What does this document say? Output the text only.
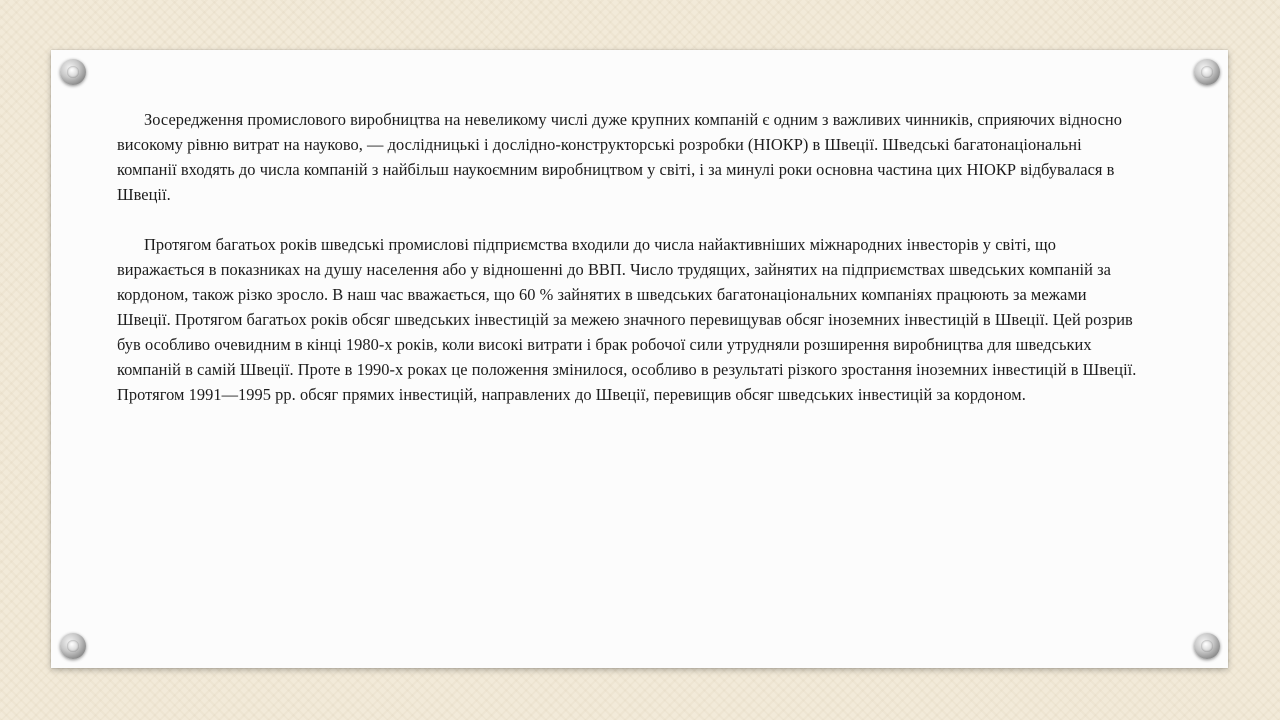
Зосередження промислового виробництва на невеликому числі дуже крупних компаній є одним з важливих чинників, сприяючих відносно високому рівню витрат на науково, — дослідницькі і дослідно-конструкторські розробки (НІОКР) в Швеції. Шведські багатонаціональні компанії входять до числа компаній з найбільш наукоємним виробництвом у світі, і за минулі роки основна частина цих НІОКР відбувалася в Швеції.

Протягом багатьох років шведські промислові підприємства входили до числа найактивніших міжнародних інвесторів у світі, що виражається в показниках на душу населення або у відношенні до ВВП. Число трудящих, зайнятих на підприємствах шведських компаній за кордоном, також різко зросло. В наш час вважається, що 60 % зайнятих в шведських багатонаціональних компаніях працюють за межами Швеції. Протягом багатьох років обсяг шведських інвестицій за межею значного перевищував обсяг іноземних інвестицій в Швеції. Цей розрив був особливо очевидним в кінці 1980-х років, коли високі витрати і брак робочої сили утрудняли розширення виробництва для шведських компаній в самій Швеції. Проте в 1990-х роках це положення змінилося, особливо в результаті різкого зростання іноземних інвестицій в Швеції. Протягом 1991—1995 рр. обсяг прямих інвестицій, направлених до Швеції, перевищив обсяг шведських інвестицій за кордоном.
